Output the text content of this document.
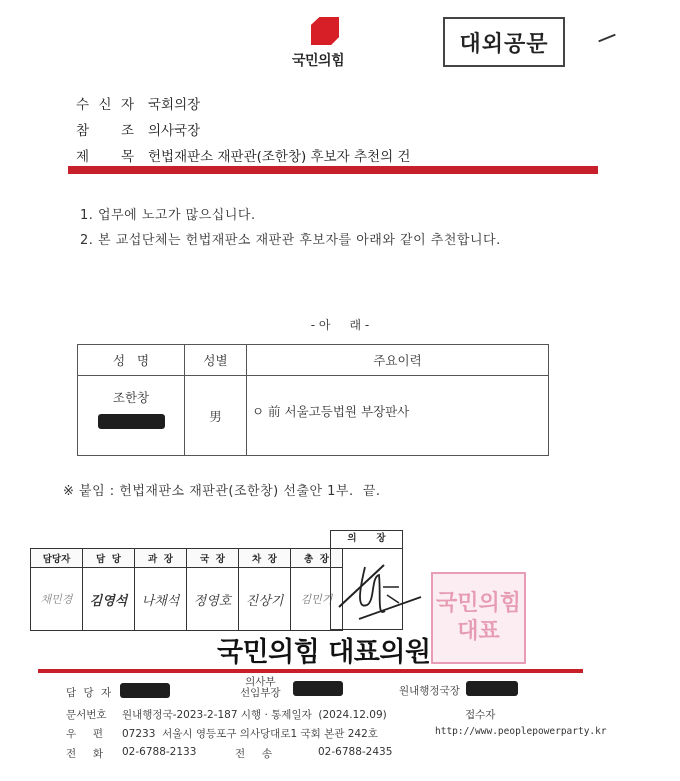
국민의힘
대외공문
수 신 자 국회의장
참 조 의사국장
제 목 헌법재판소 재판관(조한창) 후보자 추천의 건
1. 업무에 노고가 많으십니다.
2. 본 교섭단체는 헌법재판소 재판관 후보자를 아래와 같이 추천합니다.
- 아     래 -
성   명	성별	주요이력

조한창	男	ㅇ 前 서울고등법원 부장판사
※ 붙임 : 헌법재판소 재판관(조한창) 선출안 1부.  끝.
의      장
담당자	담  당	과  장	국  장	차  장	총  장
채민경	김영석	나채석	정영호	진상기	김민기	국민의힘대표
국민의힘 대표의원
담 당 자
의사부
선임부장	원내행정국장
문서번호 원내행정국-2023-2-187 시행 · 통제일자  (2024.12.09)	접수자
우     편 07233  서울시 영등포구 의사당대로1 국회 본관 242호	http://www.peoplepowerparty.kr
전     화 02-6788-2133	전     송	02-6788-2435
